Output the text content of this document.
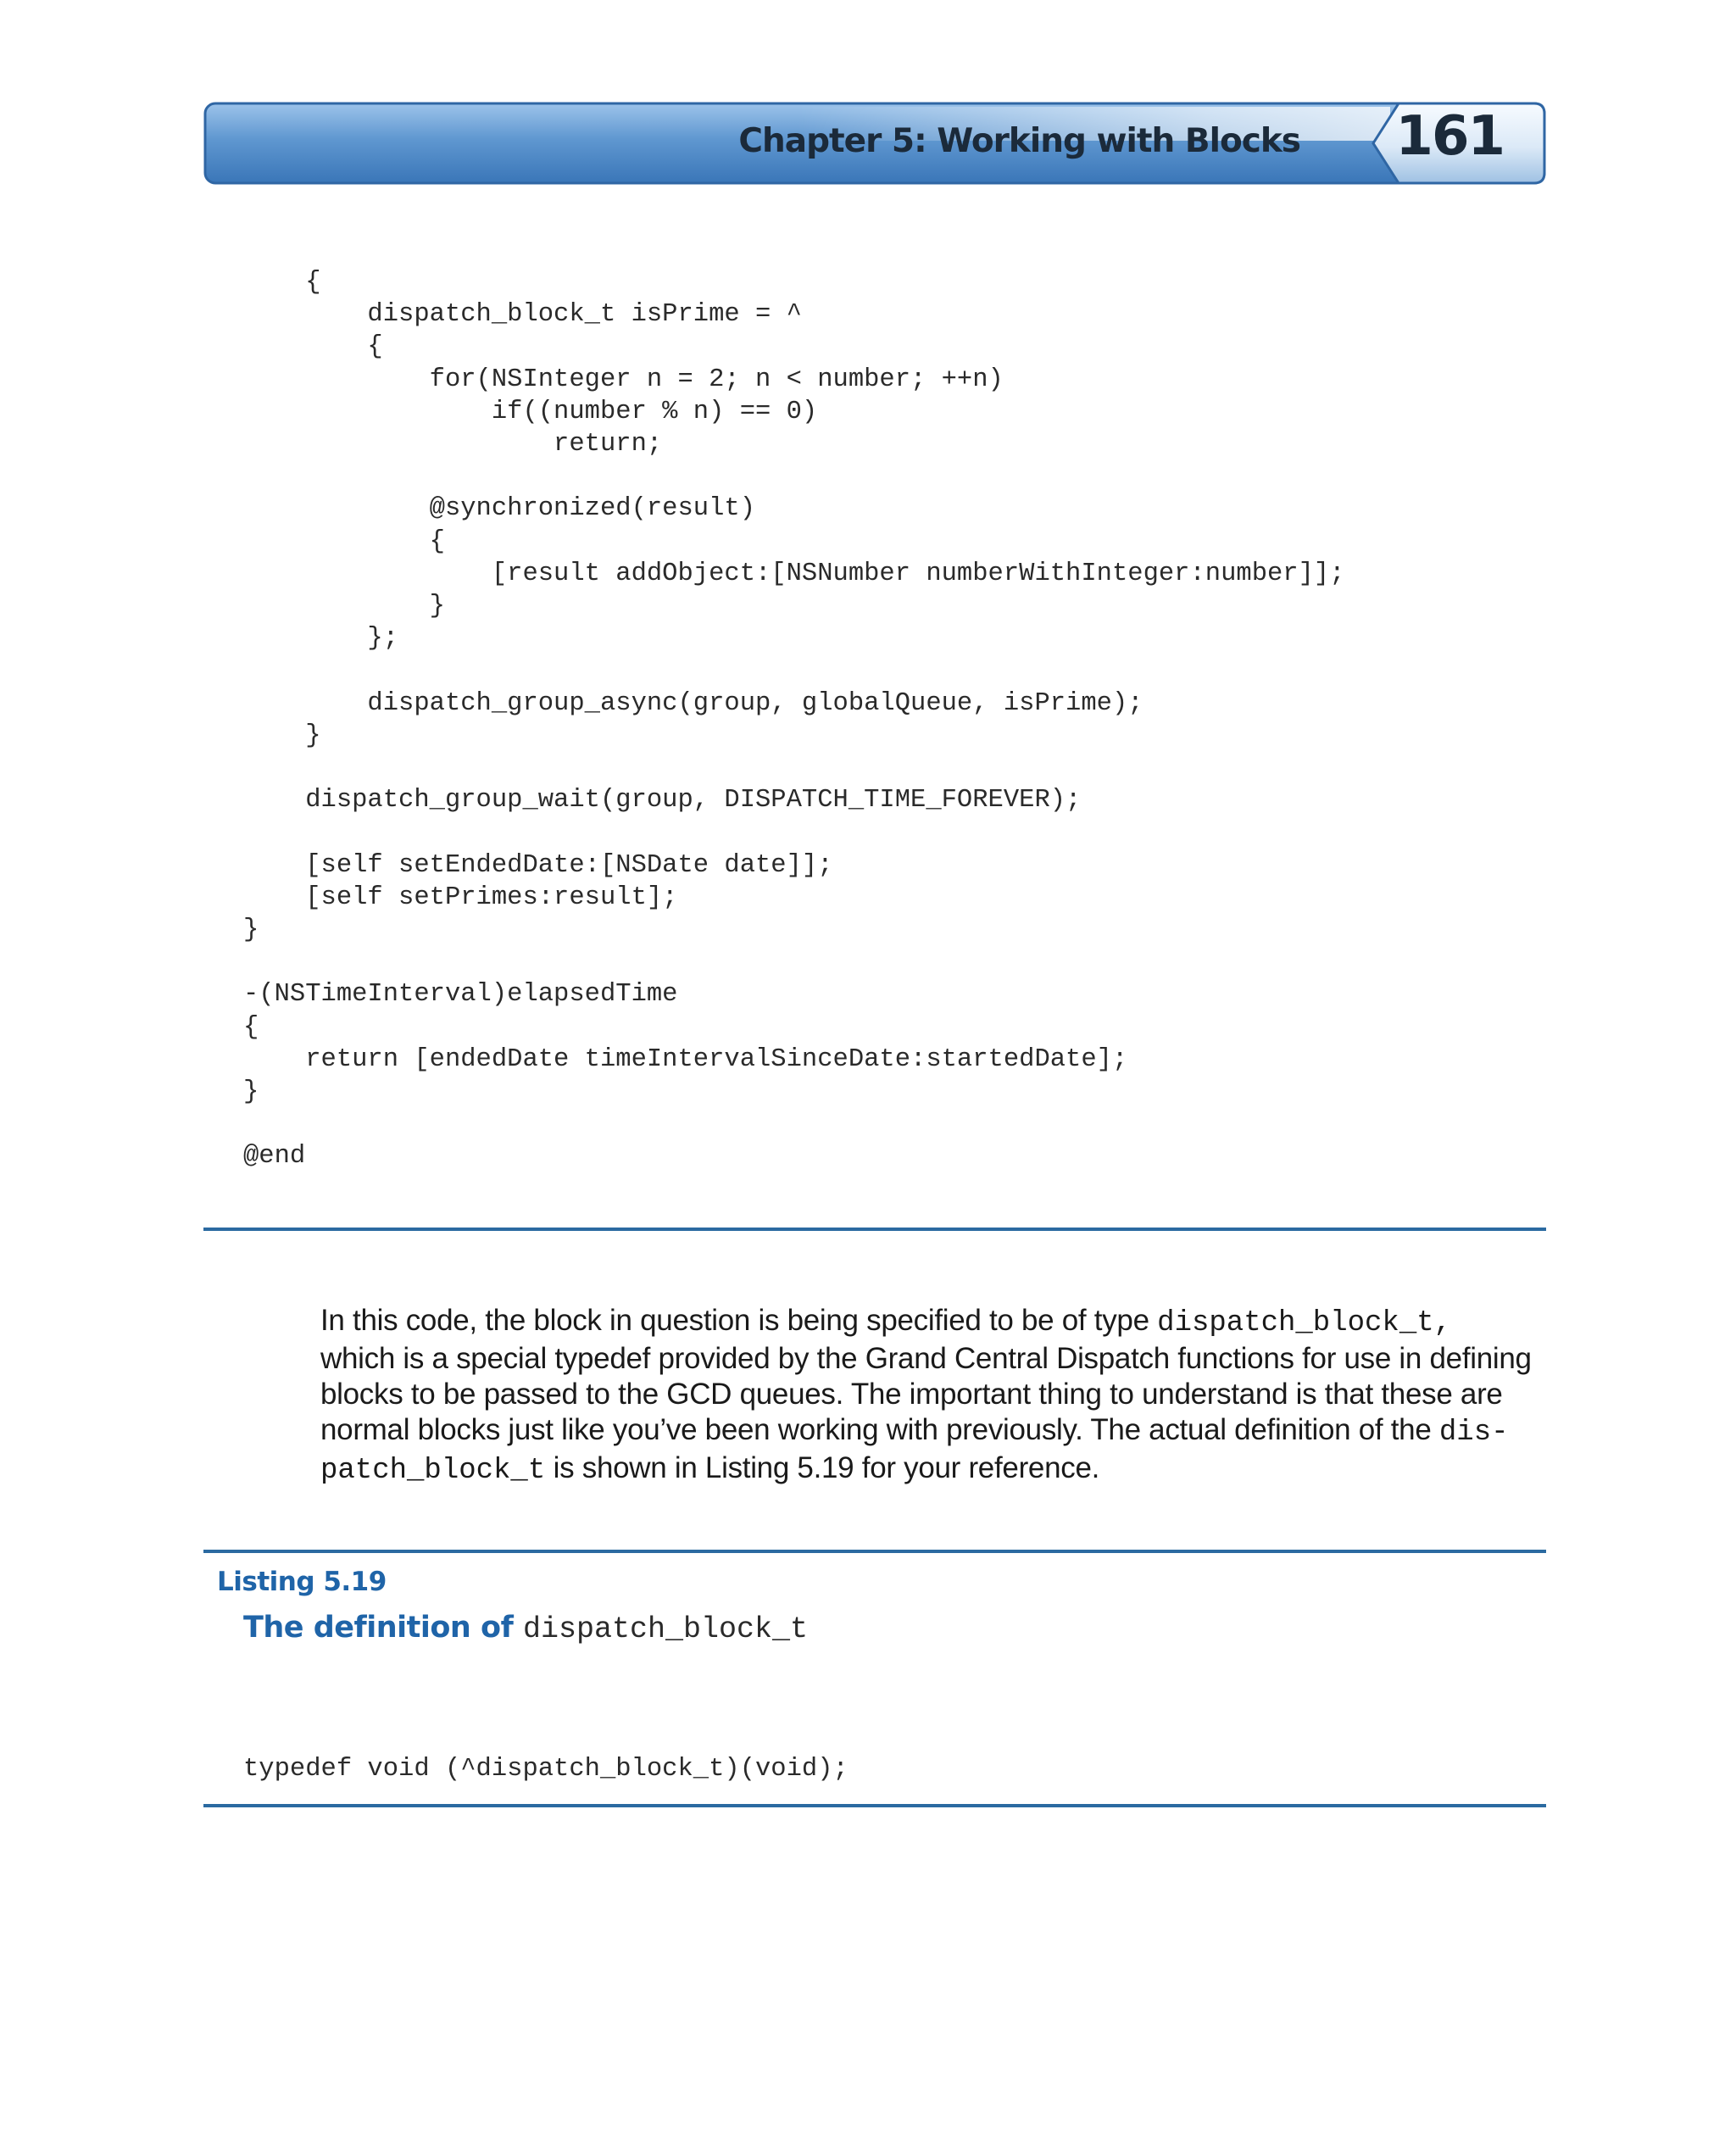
Chapter 5: Working with Blocks 161
{
dispatch_block_t isPrime = ^
{
for(NSInteger n = 2; n < number; ++n)
if((number % n) == 0)
return;

@synchronized(result)
{
[result addObject:[NSNumber numberWithInteger:number]];
}
};

dispatch_group_async(group, globalQueue, isPrime);
}

dispatch_group_wait(group, DISPATCH_TIME_FOREVER);

[self setEndedDate:[NSDate date]];
[self setPrimes:result];
}

-(NSTimeInterval)elapsedTime
{
return [endedDate timeIntervalSinceDate:startedDate];
}

@end
In this code, the block in question is being specified to be of type dispatch_block_t,
which is a special typedef provided by the Grand Central Dispatch functions for use in defining
blocks to be passed to the GCD queues. The important thing to understand is that these are
normal blocks just like you’ve been working with previously. The actual definition of the dis-
patch_block_t is shown in Listing 5.19 for your reference.
Listing 5.19
The definition of dispatch_block_t
typedef void (^dispatch_block_t)(void);
